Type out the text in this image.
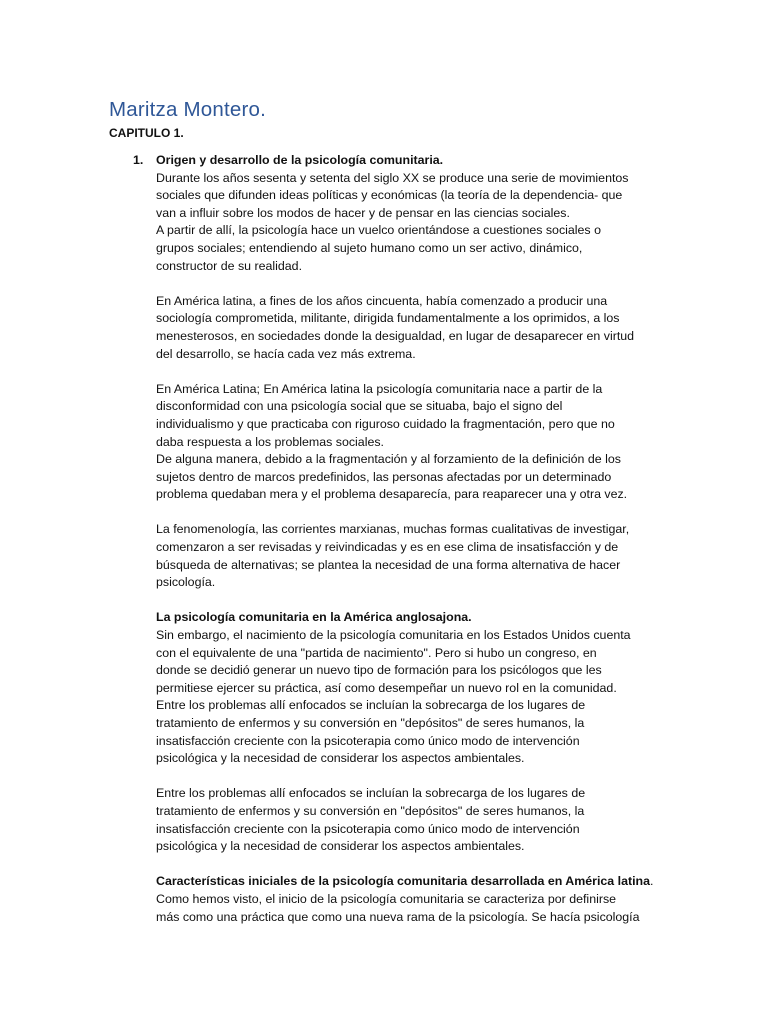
Maritza Montero.
CAPITULO 1.
1. Origen y desarrollo de la psicología comunitaria.
Durante los años sesenta y setenta del siglo XX se produce una serie de movimientos
sociales que difunden ideas políticas y económicas (la teoría de la dependencia- que
van a influir sobre los modos de hacer y de pensar en las ciencias sociales.
A partir de allí, la psicología hace un vuelco orientándose a cuestiones sociales o
grupos sociales; entendiendo al sujeto humano como un ser activo, dinámico,
constructor de su realidad.
En América latina, a fines de los años cincuenta, había comenzado a producir una
sociología comprometida, militante, dirigida fundamentalmente a los oprimidos, a los
menesterosos, en sociedades donde la desigualdad, en lugar de desaparecer en virtud
del desarrollo, se hacía cada vez más extrema.
En América Latina; En América latina la psicología comunitaria nace a partir de la
disconformidad con una psicología social que se situaba, bajo el signo del
individualismo y que practicaba con riguroso cuidado la fragmentación, pero que no
daba respuesta a los problemas sociales.
De alguna manera, debido a la fragmentación y al forzamiento de la definición de los
sujetos dentro de marcos predefinidos, las personas afectadas por un determinado
problema quedaban mera y el problema desaparecía, para reaparecer una y otra vez.
La fenomenología, las corrientes marxianas, muchas formas cualitativas de investigar,
comenzaron a ser revisadas y reivindicadas y es en ese clima de insatisfacción y de
búsqueda de alternativas; se plantea la necesidad de una forma alternativa de hacer
psicología.
La psicología comunitaria en la América anglosajona.
Sin embargo, el nacimiento de la psicología comunitaria en los Estados Unidos cuenta
con el equivalente de una "partida de nacimiento". Pero si hubo un congreso, en
donde se decidió generar un nuevo tipo de formación para los psicólogos que les
permitiese ejercer su práctica, así como desempeñar un nuevo rol en la comunidad.
Entre los problemas allí enfocados se incluían la sobrecarga de los lugares de
tratamiento de enfermos y su conversión en "depósitos" de seres humanos, la
insatisfacción creciente con la psicoterapia como único modo de intervención
psicológica y la necesidad de considerar los aspectos ambientales.
Entre los problemas allí enfocados se incluían la sobrecarga de los lugares de
tratamiento de enfermos y su conversión en "depósitos" de seres humanos, la
insatisfacción creciente con la psicoterapia como único modo de intervención
psicológica y la necesidad de considerar los aspectos ambientales.
Características iniciales de la psicología comunitaria desarrollada en América latina.
Como hemos visto, el inicio de la psicología comunitaria se caracteriza por definirse
más como una práctica que como una nueva rama de la psicología. Se hacía psicología
